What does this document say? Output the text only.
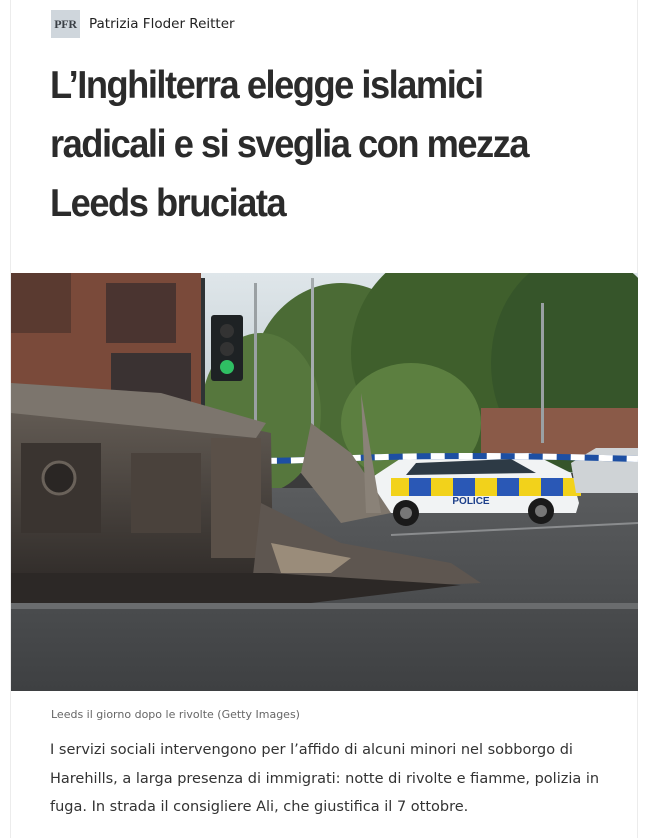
PFR Patrizia Floder Reitter
L’Inghilterra elegge islamici radicali e si sveglia con mezza Leeds bruciata
POLICE
Leeds il giorno dopo le rivolte (Getty Images)

I servizi sociali intervengono per l’affido di alcuni minori nel sobborgo di Harehills, a larga presenza di immigrati: notte di rivolte e fiamme, polizia in fuga. In strada il consigliere Ali, che giustifica il 7 ottobre.
